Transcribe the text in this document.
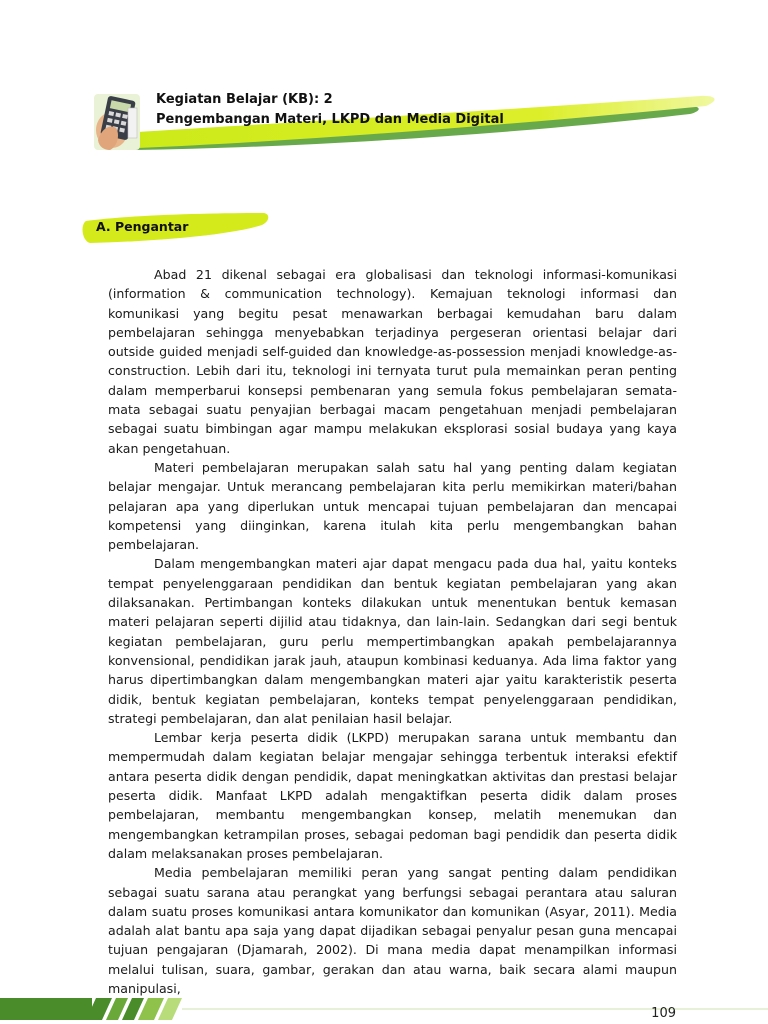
Kegiatan Belajar (KB): 2
Pengembangan Materi, LKPD dan Media Digital
A. Pengantar

Abad 21 dikenal sebagai era globalisasi dan teknologi informasi-komunikasi (information & communication technology). Kemajuan teknologi informasi dan komunikasi yang begitu pesat menawarkan berbagai kemudahan baru dalam pembelajaran sehingga menyebabkan terjadinya pergeseran orientasi belajar dari outside guided menjadi self-guided dan knowledge-as-possession menjadi knowledge-as-construction. Lebih dari itu, teknologi ini ternyata turut pula memainkan peran penting dalam memperbarui konsepsi pembenaran yang semula fokus pembelajaran semata-mata sebagai suatu penyajian berbagai macam pengetahuan menjadi pembelajaran sebagai suatu bimbingan agar mampu melakukan eksplorasi sosial budaya yang kaya akan pengetahuan.

Materi pembelajaran merupakan salah satu hal yang penting dalam kegiatan belajar mengajar. Untuk merancang pembelajaran kita perlu memikirkan materi/bahan pelajaran apa yang diperlukan untuk mencapai tujuan pembelajaran dan mencapai kompetensi yang diinginkan, karena itulah kita perlu mengembangkan bahan pembelajaran.

Dalam mengembangkan materi ajar dapat mengacu pada dua hal, yaitu konteks tempat penyelenggaraan pendidikan dan bentuk kegiatan pembelajaran yang akan dilaksanakan. Pertimbangan konteks dilakukan untuk menentukan bentuk kemasan materi pelajaran seperti dijilid atau tidaknya, dan lain-lain. Sedangkan dari segi bentuk kegiatan pembelajaran, guru perlu mempertimbangkan apakah pembelajarannya konvensional, pendidikan jarak jauh, ataupun kombinasi keduanya. Ada lima faktor yang harus dipertimbangkan dalam mengembangkan materi ajar yaitu karakteristik peserta didik, bentuk kegiatan pembelajaran, konteks tempat penyelenggaraan pendidikan, strategi pembelajaran, dan alat penilaian hasil belajar.

Lembar kerja peserta didik (LKPD) merupakan sarana untuk membantu dan mempermudah dalam kegiatan belajar mengajar sehingga terbentuk interaksi efektif antara peserta didik dengan pendidik, dapat meningkatkan aktivitas dan prestasi belajar peserta didik. Manfaat LKPD adalah mengaktifkan peserta didik dalam proses pembelajaran, membantu mengembangkan konsep, melatih menemukan dan mengembangkan ketrampilan proses, sebagai pedoman bagi pendidik dan peserta didik dalam melaksanakan proses pembelajaran.

Media pembelajaran memiliki peran yang sangat penting dalam pendidikan sebagai suatu sarana atau perangkat yang berfungsi sebagai perantara atau saluran dalam suatu proses komunikasi antara komunikator dan komunikan (Asyar, 2011). Media adalah alat bantu apa saja yang dapat dijadikan sebagai penyalur pesan guna mencapai tujuan pengajaran (Djamarah, 2002). Di mana media dapat menampilkan informasi melalui tulisan, suara, gambar, gerakan dan atau warna, baik secara alami maupun manipulasi,

109
